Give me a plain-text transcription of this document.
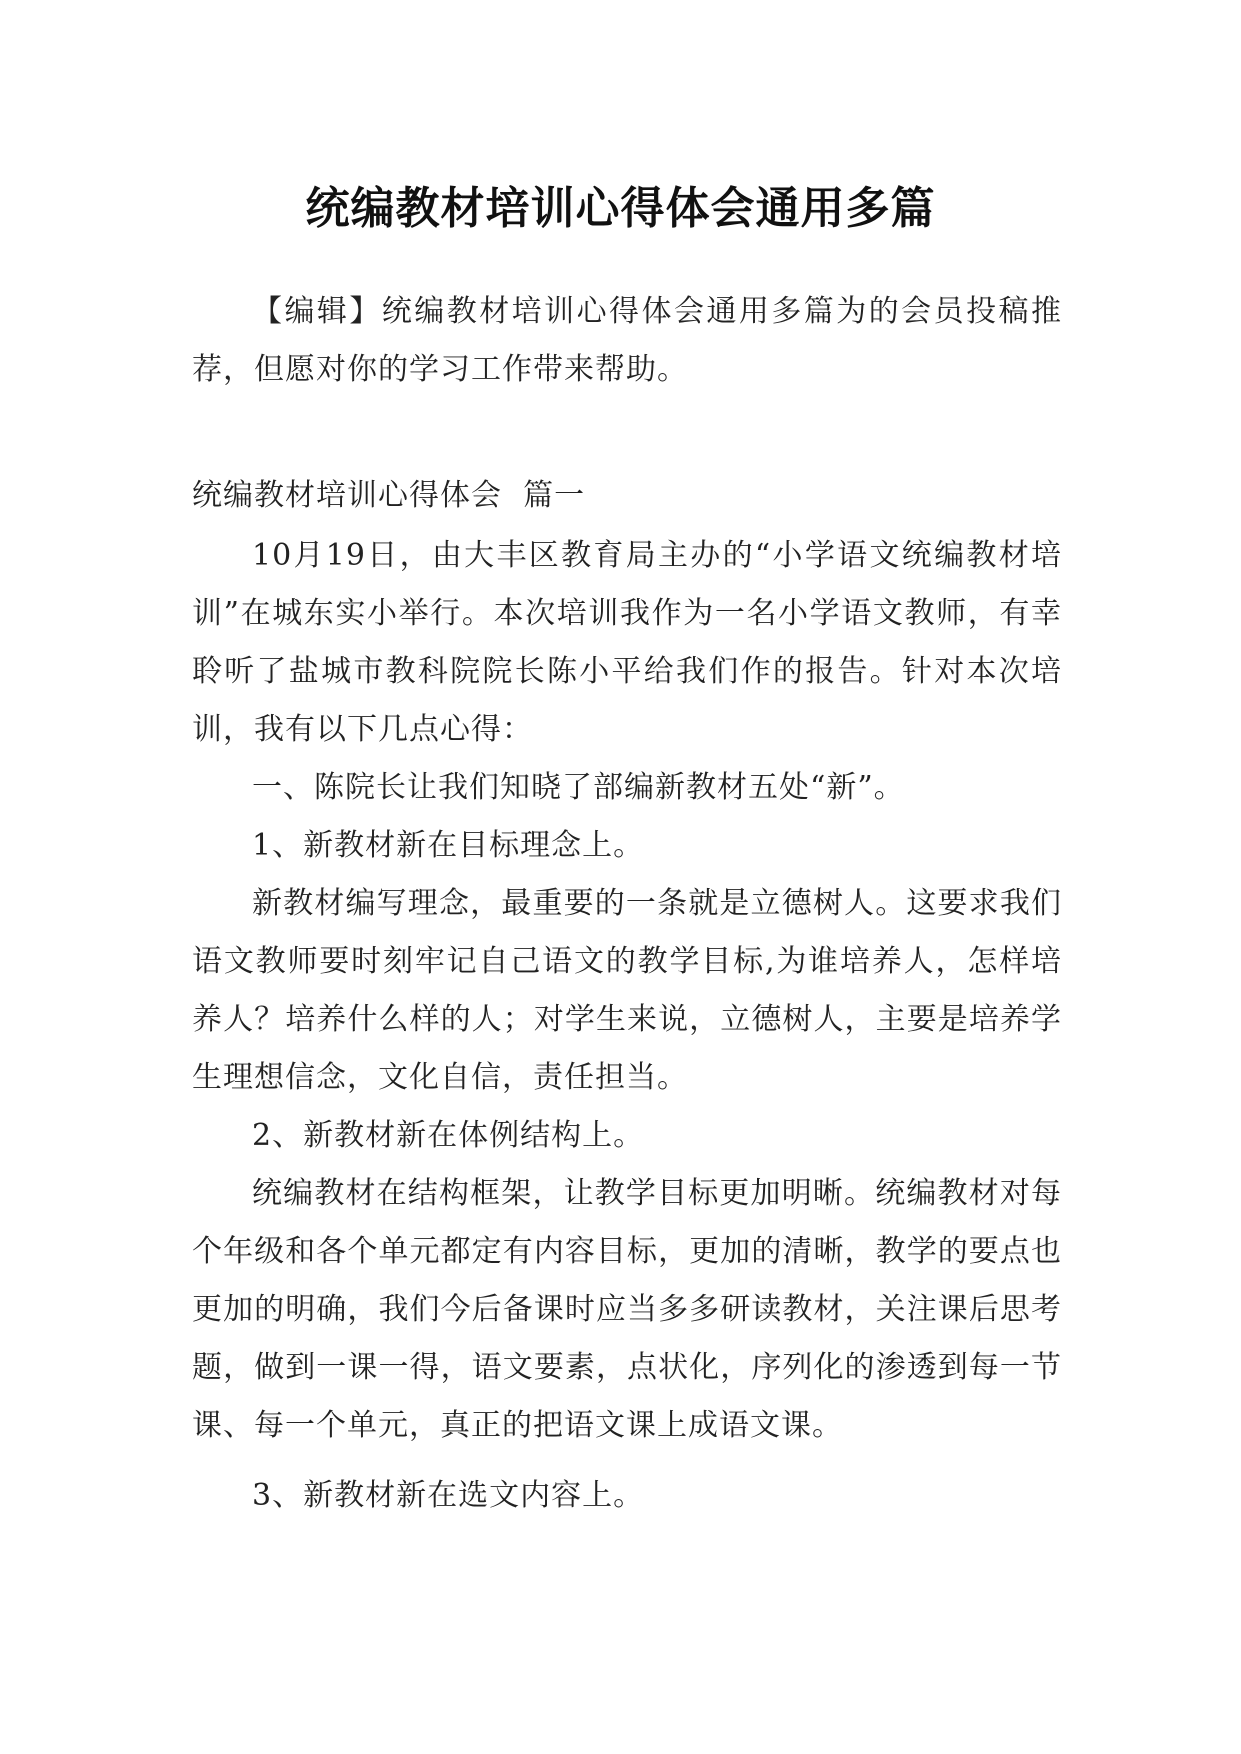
统编教材培训心得体会通用多篇

【编辑】统编教材培训心得体会通用多篇为的会员投稿推荐，但愿对你的学习工作带来帮助。

统编教材培训心得体会  篇一

10月19日，由大丰区教育局主办的“小学语文统编教材培训”在城东实小举行。本次培训我作为一名小学语文教师，有幸聆听了盐城市教科院院长陈小平给我们作的报告。针对本次培训，我有以下几点心得：

一、陈院长让我们知晓了部编新教材五处“新”。

1、新教材新在目标理念上。

新教材编写理念，最重要的一条就是立德树人。这要求我们语文教师要时刻牢记自己语文的教学目标,为谁培养人，怎样培养人？培养什么样的人；对学生来说，立德树人，主要是培养学生理想信念，文化自信，责任担当。

2、新教材新在体例结构上。

统编教材在结构框架，让教学目标更加明晰。统编教材对每个年级和各个单元都定有内容目标，更加的清晰，教学的要点也更加的明确，我们今后备课时应当多多研读教材，关注课后思考题，做到一课一得，语文要素，点状化，序列化的渗透到每一节课、每一个单元，真正的把语文课上成语文课。

3、新教材新在选文内容上。
